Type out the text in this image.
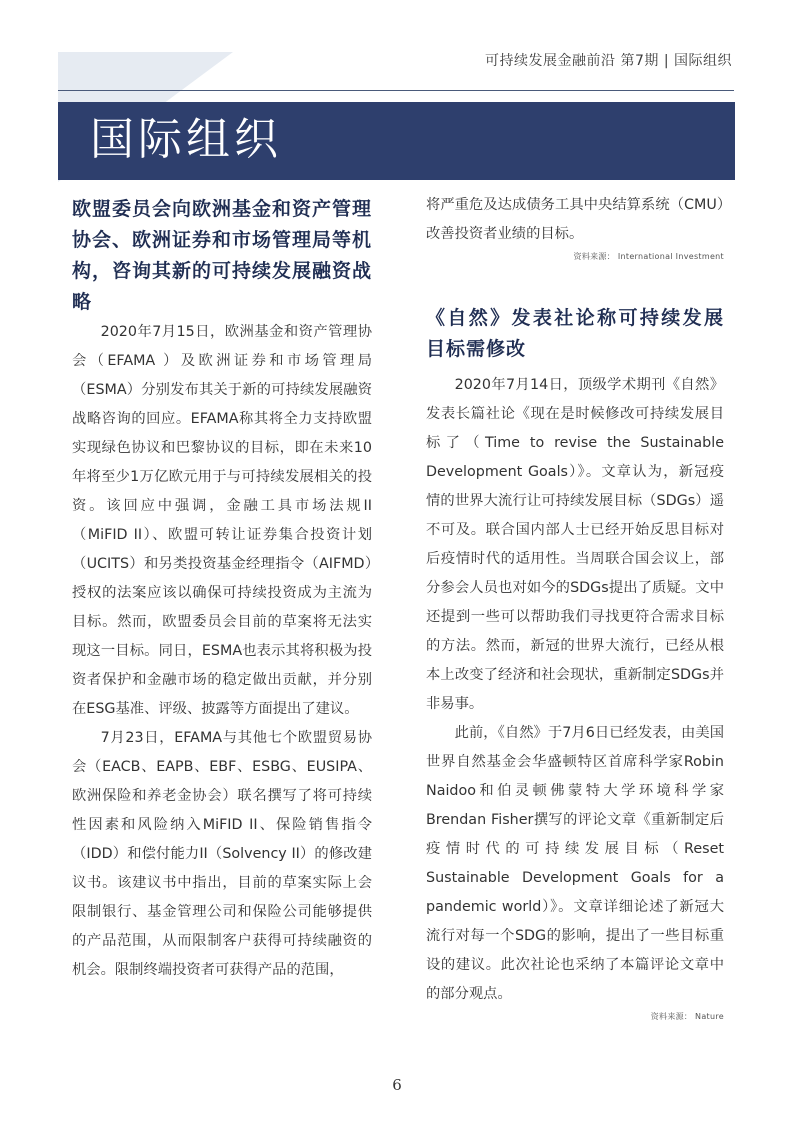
可持续发展金融前沿 第7期 | 国际组织
国际组织
欧盟委员会向欧洲基金和资产管理协会、欧洲证券和市场管理局等机构，咨询其新的可持续发展融资战略

2020年7月15日，欧洲基金和资产管理协会（EFAMA ）及欧洲证券和市场管理局（ESMA）分别发布其关于新的可持续发展融资战略咨询的回应。EFAMA称其将全力支持欧盟实现绿色协议和巴黎协议的目标，即在未来10年将至少1万亿欧元用于与可持续发展相关的投资。该回应中强调，金融工具市场法规II（MiFID II）、欧盟可转让证券集合投资计划（UCITS）和另类投资基金经理指令（AIFMD）授权的法案应该以确保可持续投资成为主流为目标。然而，欧盟委员会目前的草案将无法实现这一目标。同日，ESMA也表示其将积极为投资者保护和金融市场的稳定做出贡献，并分别在ESG基准、评级、披露等方面提出了建议。

7月23日，EFAMA与其他七个欧盟贸易协会（EACB、EAPB、EBF、ESBG、EUSIPA、欧洲保险和养老金协会）联名撰写了将可持续性因素和风险纳入MiFID II、保险销售指令（IDD）和偿付能力II（Solvency II）的修改建议书。该建议书中指出，目前的草案实际上会限制银行、基金管理公司和保险公司能够提供的产品范围，从而限制客户获得可持续融资的机会。限制终端投资者可获得产品的范围，

将严重危及达成债务工具中央结算系统（CMU）改善投资者业绩的目标。

资料来源： International Investment

《自然》发表社论称可持续发展目标需修改

2020年7月14日，顶级学术期刊《自然》发表长篇社论《现在是时候修改可持续发展目标了（Time to revise the Sustainable Development Goals）》。文章认为，新冠疫情的世界大流行让可持续发展目标（SDGs）遥不可及。联合国内部人士已经开始反思目标对后疫情时代的适用性。当周联合国会议上，部分参会人员也对如今的SDGs提出了质疑。文中还提到一些可以帮助我们寻找更符合需求目标的方法。然而，新冠的世界大流行，已经从根本上改变了经济和社会现状，重新制定SDGs并非易事。

此前，《自然》于7月6日已经发表，由美国世界自然基金会华盛顿特区首席科学家Robin Naidoo和伯灵顿佛蒙特大学环境科学家Brendan Fisher撰写的评论文章《重新制定后疫情时代的可持续发展目标（Reset Sustainable Development Goals for a pandemic world）》。文章详细论述了新冠大流行对每一个SDG的影响，提出了一些目标重设的建议。此次社论也采纳了本篇评论文章中的部分观点。

资料来源： Nature

6
